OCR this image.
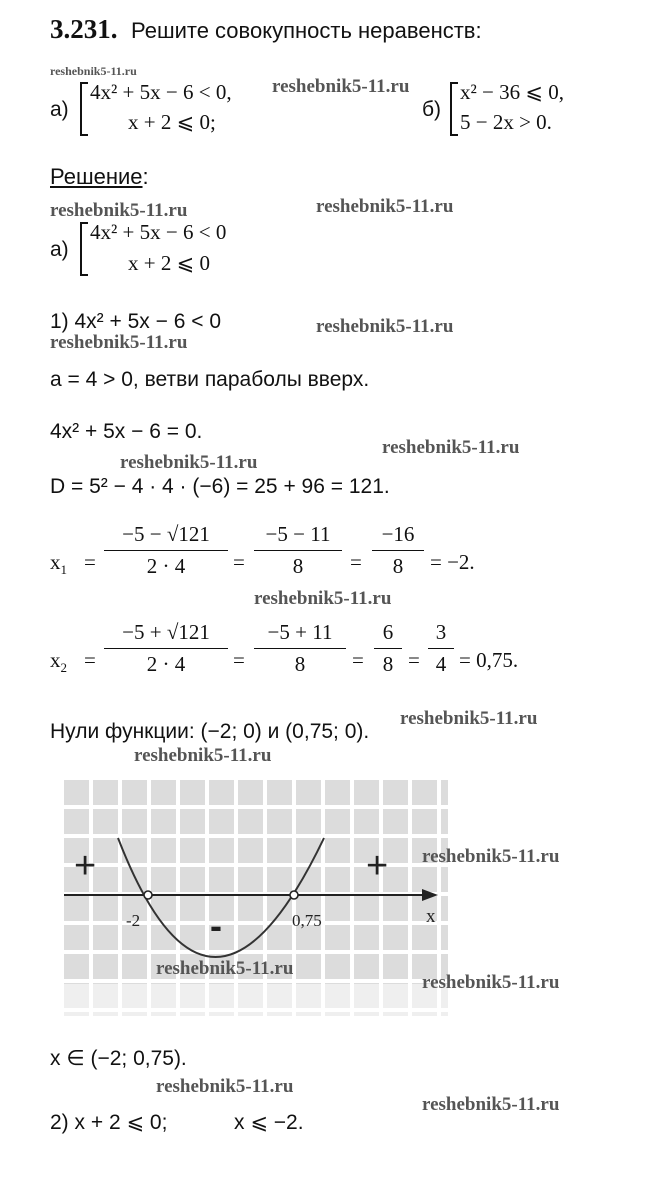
3.231. Решите совокупность неравенств:
reshebnik5-11.ru
а)
4x² + 5x − 6 < 0,
x + 2 ⩽ 0;
reshebnik5-11.ru
б)
x² − 36 ⩽ 0,
5 − 2x > 0.
Решение:
reshebnik5-11.ru	reshebnik5-11.ru
а)
4x² + 5x − 6 < 0
x + 2 ⩽ 0
1) 4x² + 5x − 6 < 0	reshebnik5-11.ru
reshebnik5-11.ru
a = 4 > 0, ветви параболы вверх.
4x² + 5x − 6 = 0.
reshebnik5-11.ru
reshebnik5-11.ru
D = 5² − 4 · 4 · (−6) = 25 + 96 = 121.
$x_1$ =
−5 − √121
2 · 4	=
−5 − 11
8	=
−16
8	= −2.
reshebnik5-11.ru
$x_2$ =
−5 + √121
2 · 4	=
−5 + 11
8	=
6
8 =
3
4 = 0,75.
reshebnik5-11.ru
Нули функции: (−2; 0) и (0,75; 0).
reshebnik5-11.ru
+	+
-
-2	0,75	x
reshebnik5-11.ru
reshebnik5-11.ru
reshebnik5-11.ru
x ∈ (−2; 0,75).
reshebnik5-11.ru
reshebnik5-11.ru
2) x + 2 ⩽ 0;	x ⩽ −2.
